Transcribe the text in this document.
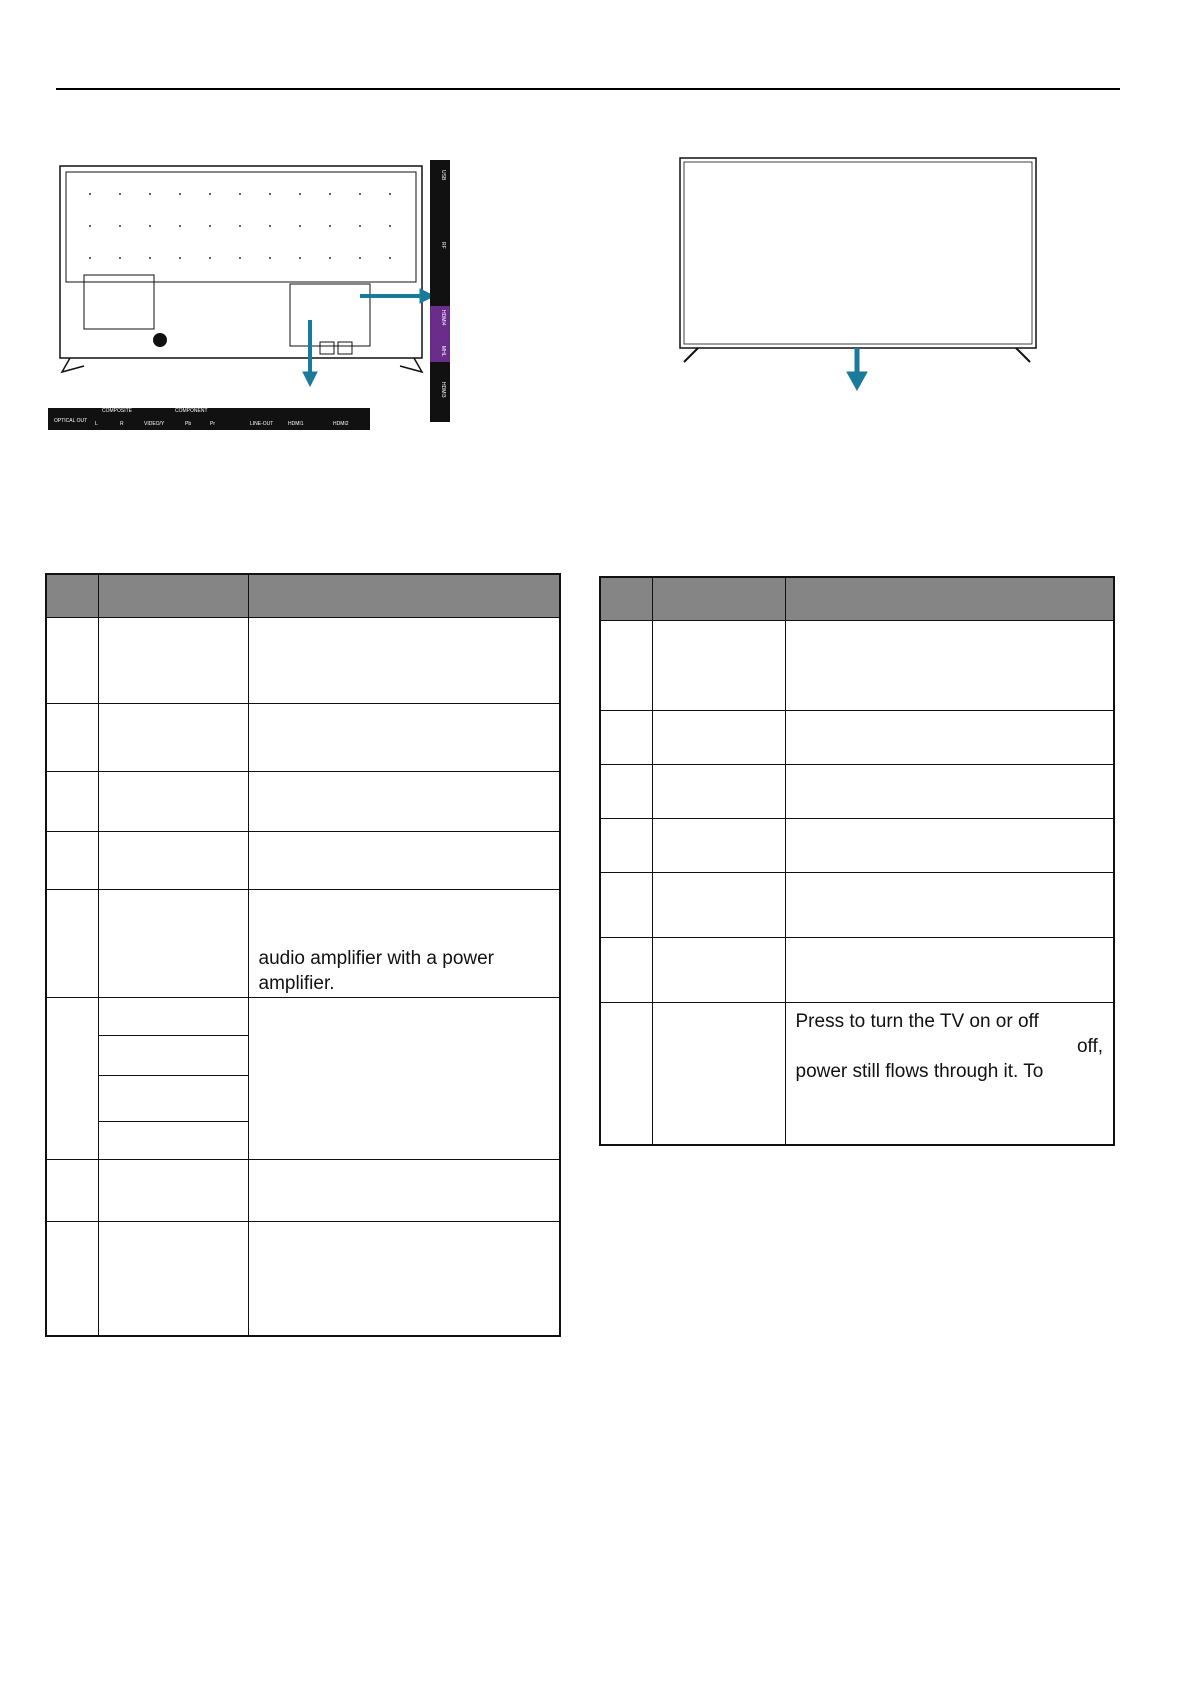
OPTICAL OUT
COMPOSITE
L	R	VIDEO/Y
COMPONENT
Pb	Pr	LINE-OUT	HDMI1	HDMI2
USB
RF
HDMI4
MHL
HDMI3

		audio amplifier with a power
amplifier.

		Press to turn the TV on or off
off,
power still flows through it. To
